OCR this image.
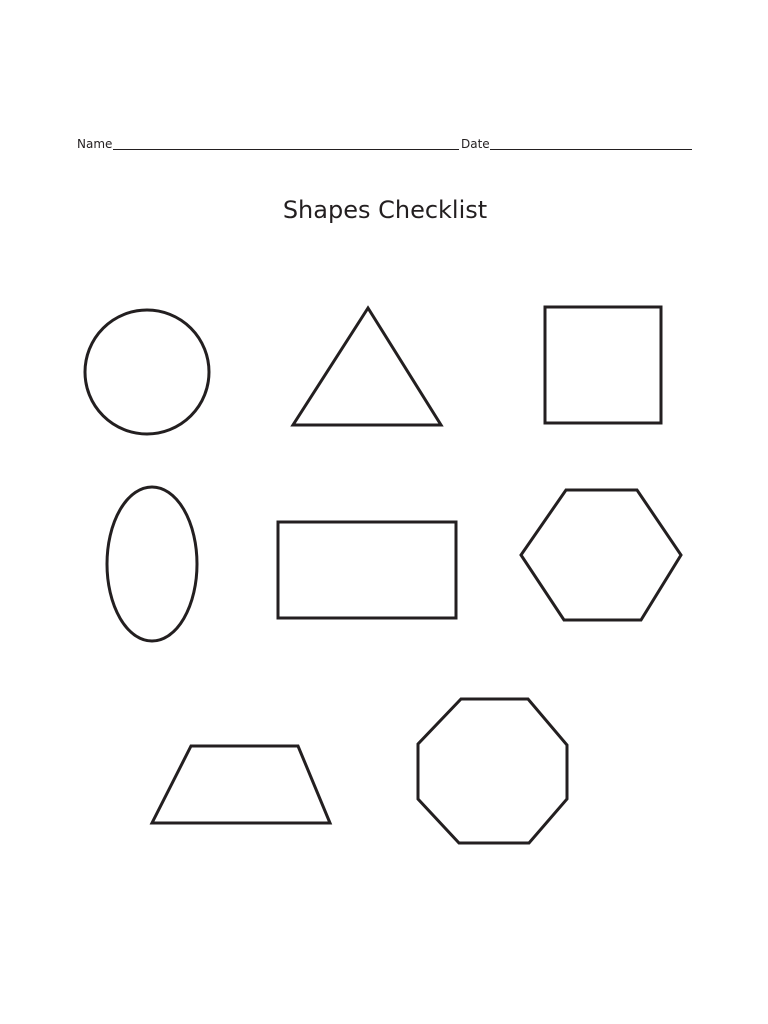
Name	Date
Shapes Checklist
